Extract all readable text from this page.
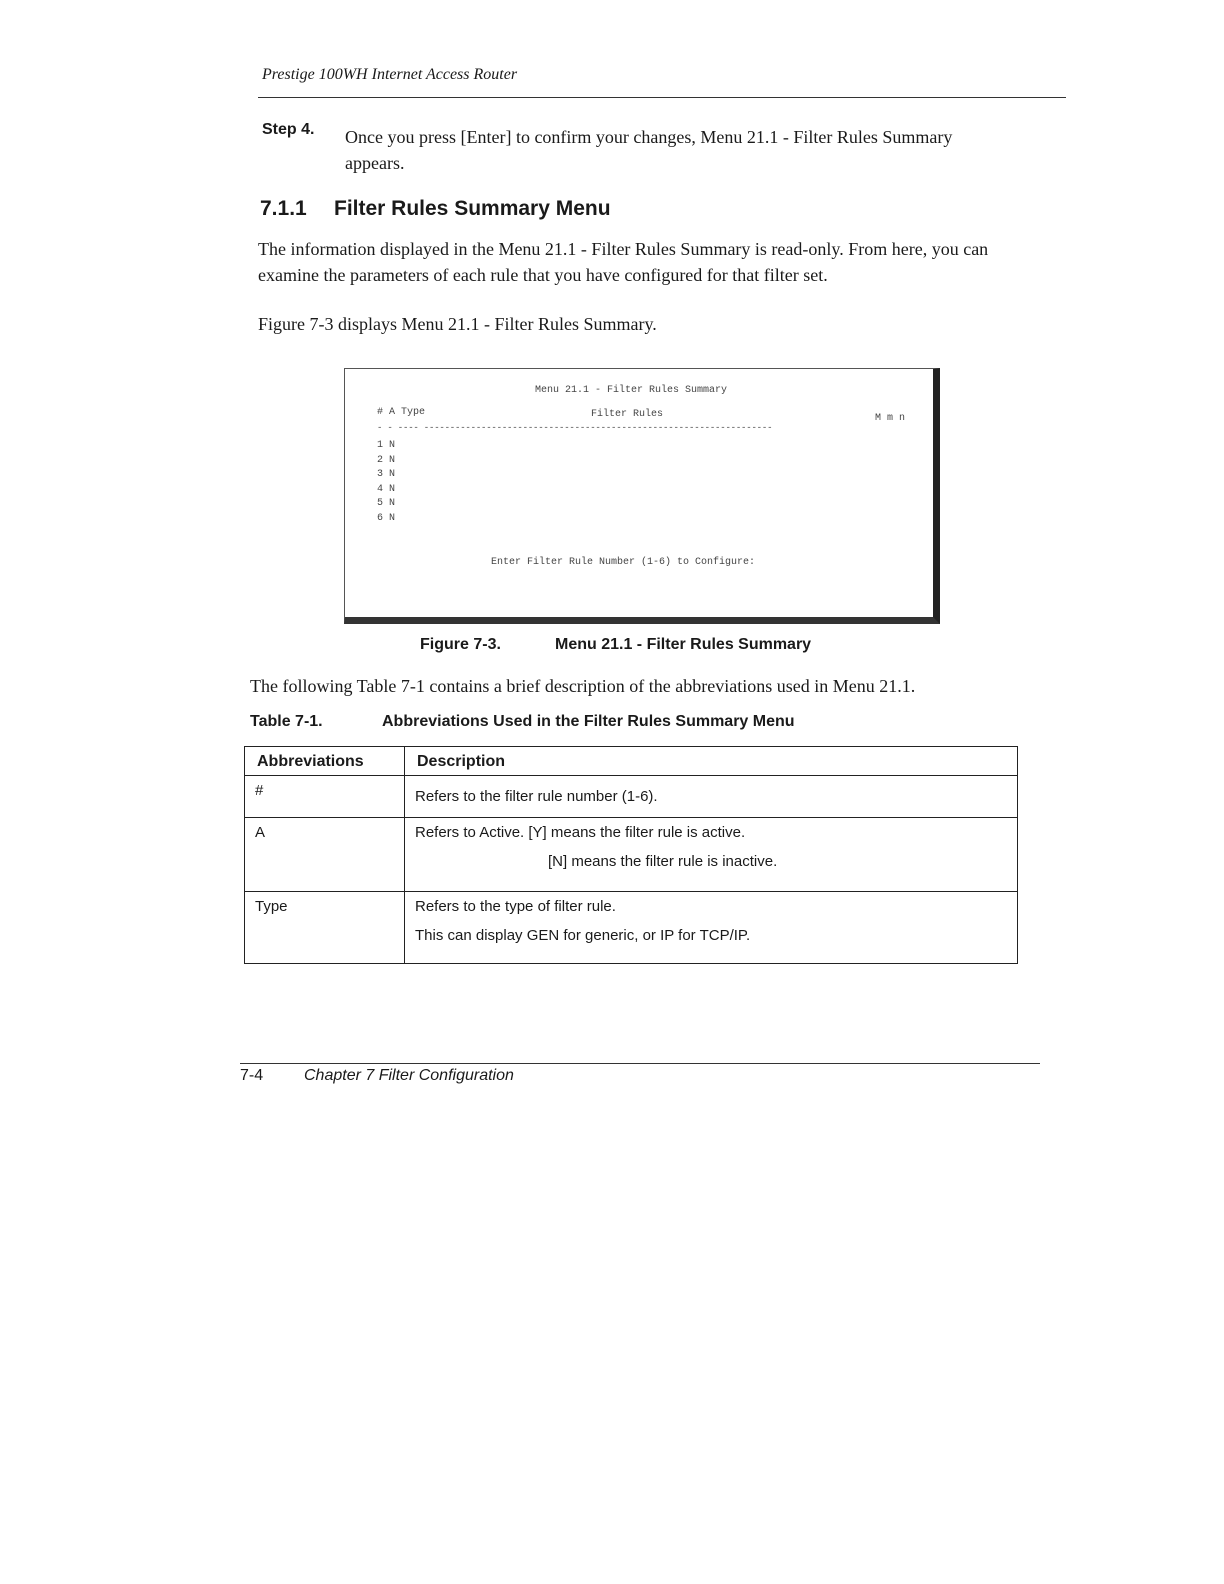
Prestige 100WH Internet Access Router
Step 4. Once you press [Enter] to confirm your changes, Menu 21.1 - Filter Rules Summary appears.
7.1.1 Filter Rules Summary Menu
The information displayed in the Menu 21.1 - Filter Rules Summary is read-only. From here, you can examine the parameters of each rule that you have configured for that filter set.
Figure 7-3 displays Menu 21.1 - Filter Rules Summary.
Menu 21.1 - Filter Rules Summary
# A Type	Filter Rules	M m n
- - ---- -------------------------------------------------------------------
1 N
2 N
3 N
4 N
5 N
6 N
Enter Filter Rule Number (1-6) to Configure:
Figure 7-3.	Menu 21.1 - Filter Rules Summary
The following Table 7-1 contains a brief description of the abbreviations used in Menu 21.1.
Table 7-1.	Abbreviations Used in the Filter Rules Summary Menu
Abbreviations	Description
#	Refers to the filter rule number (1-6).

A	Refers to Active. [Y] means the filter rule is active.
[N] means the filter rule is inactive.

Type	Refers to the type of filter rule.
This can display GEN for generic, or IP for TCP/IP.
7-4	Chapter 7 Filter Configuration
